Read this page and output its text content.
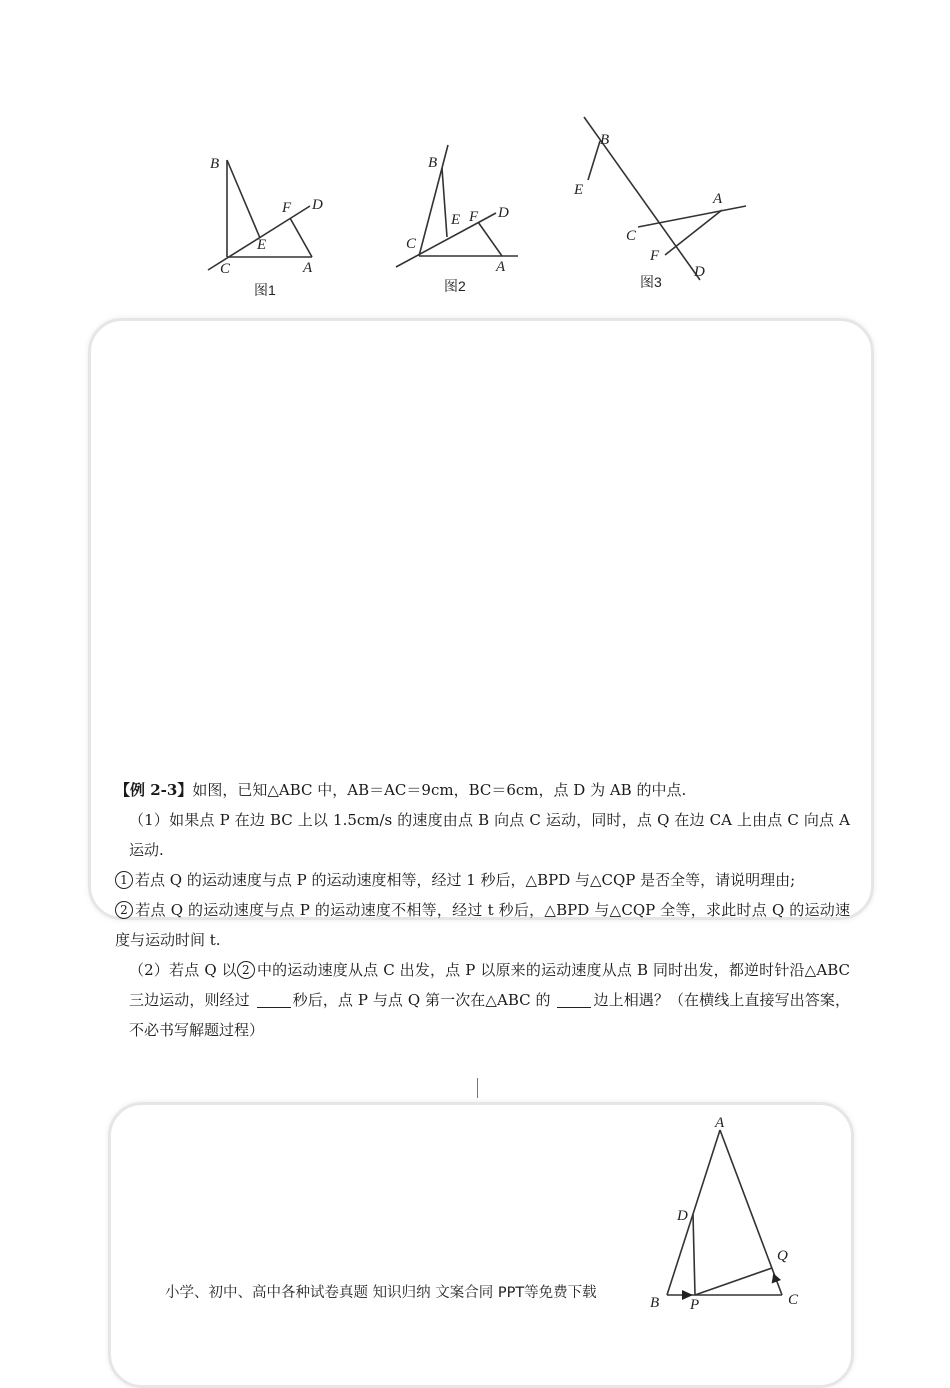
B
C
E
F D
A
图1
B
C
E F D
A
图2
B
E
C
F
D
A
图3

【例 2-3】如图，已知△ABC 中，AB＝AC＝9cm，BC＝6cm，点 D 为 AB 的中点.

（1）如果点 P 在边 BC 上以 1.5cm/s 的速度由点 B 向点 C 运动，同时，点 Q 在边 CA 上由点 C 向点 A 运动.

1 若点 Q 的运动速度与点 P 的运动速度相等，经过 1 秒后，△BPD 与△CQP 是否全等，请说明理由;

2 若点 Q 的运动速度与点 P 的运动速度不相等，经过 t 秒后，△BPD 与△CQP 全等，求此时点 Q 的运动速度与运动时间 t.

（2）若点 Q 以 2 中的运动速度从点 C 出发，点 P 以原来的运动速度从点 B 同时出发，都逆时针沿△ABC 三边运动，则经过	秒后，点 P 与点 Q 第一次在△ABC 的	边上相遇？（在横线上直接写出答案，不必书写解题过程）

A
D
Q
B P	C
小学、初中、高中各种试卷真题 知识归纳 文案合同 PPT等免费下载
